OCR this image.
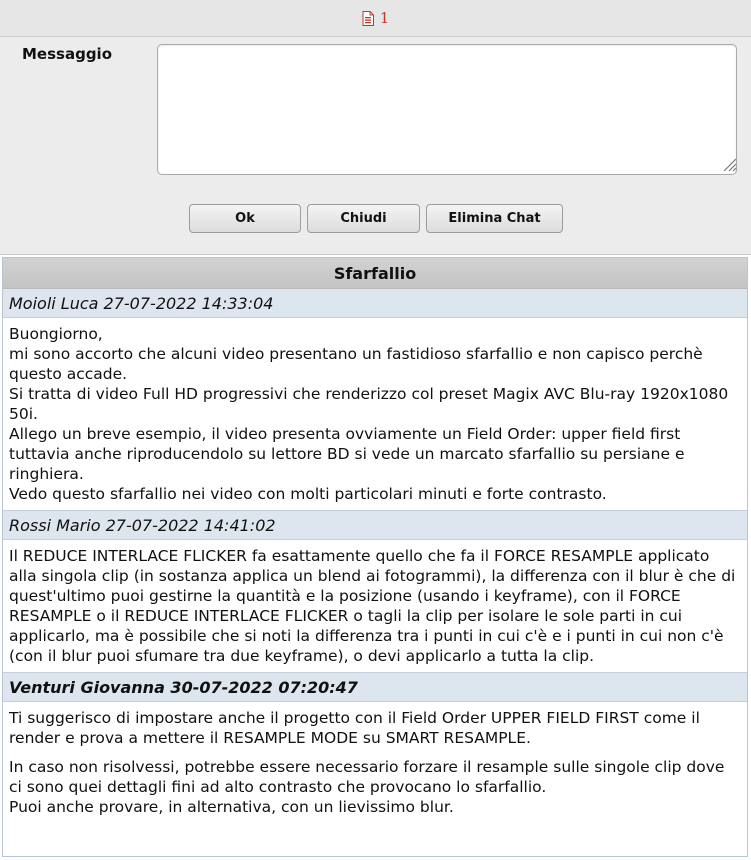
1
Messaggio
Ok	Chiudi	Elimina Chat
Sfarfallio
Moioli Luca 27-07-2022 14:33:04

Buongiorno,

mi sono accorto che alcuni video presentano un fastidioso sfarfallio e non capisco perchè questo accade.

Si tratta di video Full HD progressivi che renderizzo col preset Magix AVC Blu-ray 1920x1080 50i.

Allego un breve esempio, il video presenta ovviamente un Field Order: upper field first tuttavia anche riproducendolo su lettore BD si vede un marcato sfarfallio su persiane e ringhiera.

Vedo questo sfarfallio nei video con molti particolari minuti e forte contrasto.

Rossi Mario 27-07-2022 14:41:02

Il REDUCE INTERLACE FLICKER fa esattamente quello che fa il FORCE RESAMPLE applicato alla singola clip (in sostanza applica un blend ai fotogrammi), la differenza con il blur è che di quest'ultimo puoi gestirne la quantità e la posizione (usando i keyframe), con il FORCE RESAMPLE o il REDUCE INTERLACE FLICKER o tagli la clip per isolare le sole parti in cui applicarlo, ma è possibile che si noti la differenza tra i punti in cui c'è e i punti in cui non c'è (con il blur puoi sfumare tra due keyframe), o devi applicarlo a tutta la clip.

Venturi Giovanna 30-07-2022 07:20:47

Ti suggerisco di impostare anche il progetto con il Field Order UPPER FIELD FIRST come il render e prova a mettere il RESAMPLE MODE su SMART RESAMPLE.

In caso non risolvessi, potrebbe essere necessario forzare il resample sulle singole clip dove ci sono quei dettagli fini ad alto contrasto che provocano lo sfarfallio.

Puoi anche provare, in alternativa, con un lievissimo blur.
